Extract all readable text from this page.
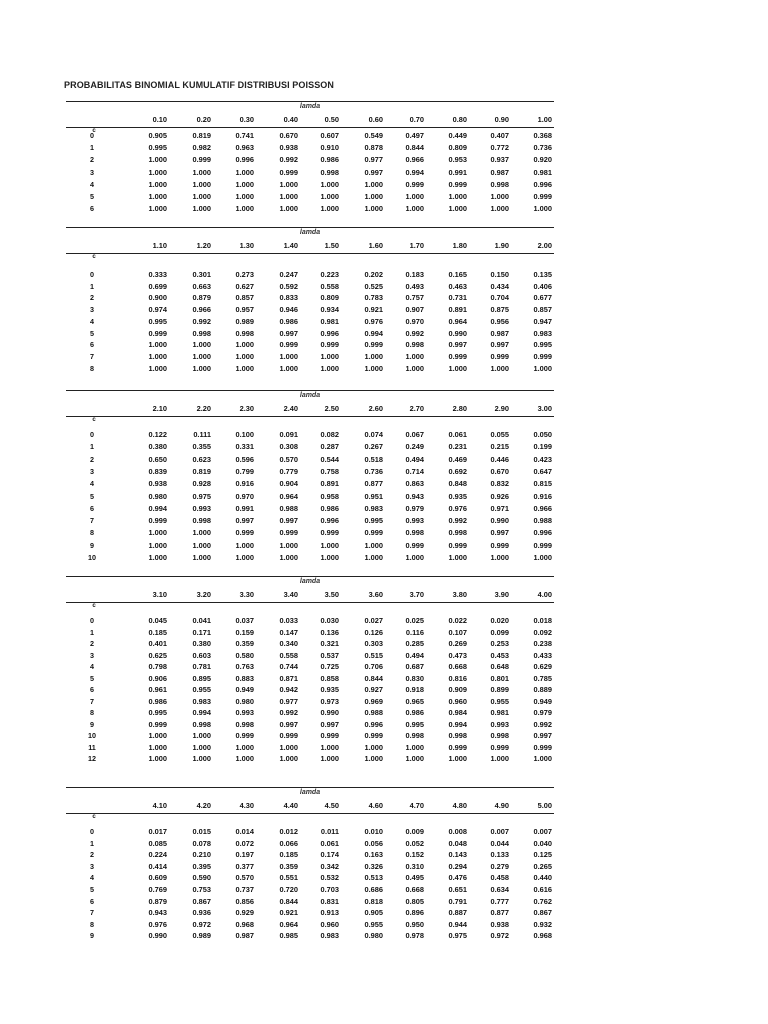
PROBABILITAS BINOMIAL KUMULATIF DISTRIBUSI POISSON
lamda
0.10	0.20	0.30	0.40	0.50	0.60	0.70	0.80	0.90	1.00
c
0	0.905	0.819	0.741	0.670	0.607	0.549	0.497	0.449	0.407	0.368
1	0.995	0.982	0.963	0.938	0.910	0.878	0.844	0.809	0.772	0.736
2	1.000	0.999	0.996	0.992	0.986	0.977	0.966	0.953	0.937	0.920
3	1.000	1.000	1.000	0.999	0.998	0.997	0.994	0.991	0.987	0.981
4	1.000	1.000	1.000	1.000	1.000	1.000	0.999	0.999	0.998	0.996
5	1.000	1.000	1.000	1.000	1.000	1.000	1.000	1.000	1.000	0.999
6	1.000	1.000	1.000	1.000	1.000	1.000	1.000	1.000	1.000	1.000
lamda
1.10	1.20	1.30	1.40	1.50	1.60	1.70	1.80	1.90	2.00
c
0	0.333	0.301	0.273	0.247	0.223	0.202	0.183	0.165	0.150	0.135
1	0.699	0.663	0.627	0.592	0.558	0.525	0.493	0.463	0.434	0.406
2	0.900	0.879	0.857	0.833	0.809	0.783	0.757	0.731	0.704	0.677
3	0.974	0.966	0.957	0.946	0.934	0.921	0.907	0.891	0.875	0.857
4	0.995	0.992	0.989	0.986	0.981	0.976	0.970	0.964	0.956	0.947
5	0.999	0.998	0.998	0.997	0.996	0.994	0.992	0.990	0.987	0.983
6	1.000	1.000	1.000	0.999	0.999	0.999	0.998	0.997	0.997	0.995
7	1.000	1.000	1.000	1.000	1.000	1.000	1.000	0.999	0.999	0.999
8	1.000	1.000	1.000	1.000	1.000	1.000	1.000	1.000	1.000	1.000
lamda
2.10	2.20	2.30	2.40	2.50	2.60	2.70	2.80	2.90	3.00
c
0	0.122	0.111	0.100	0.091	0.082	0.074	0.067	0.061	0.055	0.050
1	0.380	0.355	0.331	0.308	0.287	0.267	0.249	0.231	0.215	0.199
2	0.650	0.623	0.596	0.570	0.544	0.518	0.494	0.469	0.446	0.423
3	0.839	0.819	0.799	0.779	0.758	0.736	0.714	0.692	0.670	0.647
4	0.938	0.928	0.916	0.904	0.891	0.877	0.863	0.848	0.832	0.815
5	0.980	0.975	0.970	0.964	0.958	0.951	0.943	0.935	0.926	0.916
6	0.994	0.993	0.991	0.988	0.986	0.983	0.979	0.976	0.971	0.966
7	0.999	0.998	0.997	0.997	0.996	0.995	0.993	0.992	0.990	0.988
8	1.000	1.000	0.999	0.999	0.999	0.999	0.998	0.998	0.997	0.996
9	1.000	1.000	1.000	1.000	1.000	1.000	0.999	0.999	0.999	0.999
10	1.000	1.000	1.000	1.000	1.000	1.000	1.000	1.000	1.000	1.000
lamda
3.10	3.20	3.30	3.40	3.50	3.60	3.70	3.80	3.90	4.00
c
0	0.045	0.041	0.037	0.033	0.030	0.027	0.025	0.022	0.020	0.018
1	0.185	0.171	0.159	0.147	0.136	0.126	0.116	0.107	0.099	0.092
2	0.401	0.380	0.359	0.340	0.321	0.303	0.285	0.269	0.253	0.238
3	0.625	0.603	0.580	0.558	0.537	0.515	0.494	0.473	0.453	0.433
4	0.798	0.781	0.763	0.744	0.725	0.706	0.687	0.668	0.648	0.629
5	0.906	0.895	0.883	0.871	0.858	0.844	0.830	0.816	0.801	0.785
6	0.961	0.955	0.949	0.942	0.935	0.927	0.918	0.909	0.899	0.889
7	0.986	0.983	0.980	0.977	0.973	0.969	0.965	0.960	0.955	0.949
8	0.995	0.994	0.993	0.992	0.990	0.988	0.986	0.984	0.981	0.979
9	0.999	0.998	0.998	0.997	0.997	0.996	0.995	0.994	0.993	0.992
10	1.000	1.000	0.999	0.999	0.999	0.999	0.998	0.998	0.998	0.997
11	1.000	1.000	1.000	1.000	1.000	1.000	1.000	0.999	0.999	0.999
12	1.000	1.000	1.000	1.000	1.000	1.000	1.000	1.000	1.000	1.000
lamda
4.10	4.20	4.30	4.40	4.50	4.60	4.70	4.80	4.90	5.00
c
0	0.017	0.015	0.014	0.012	0.011	0.010	0.009	0.008	0.007	0.007
1	0.085	0.078	0.072	0.066	0.061	0.056	0.052	0.048	0.044	0.040
2	0.224	0.210	0.197	0.185	0.174	0.163	0.152	0.143	0.133	0.125
3	0.414	0.395	0.377	0.359	0.342	0.326	0.310	0.294	0.279	0.265
4	0.609	0.590	0.570	0.551	0.532	0.513	0.495	0.476	0.458	0.440
5	0.769	0.753	0.737	0.720	0.703	0.686	0.668	0.651	0.634	0.616
6	0.879	0.867	0.856	0.844	0.831	0.818	0.805	0.791	0.777	0.762
7	0.943	0.936	0.929	0.921	0.913	0.905	0.896	0.887	0.877	0.867
8	0.976	0.972	0.968	0.964	0.960	0.955	0.950	0.944	0.938	0.932
9	0.990	0.989	0.987	0.985	0.983	0.980	0.978	0.975	0.972	0.968
